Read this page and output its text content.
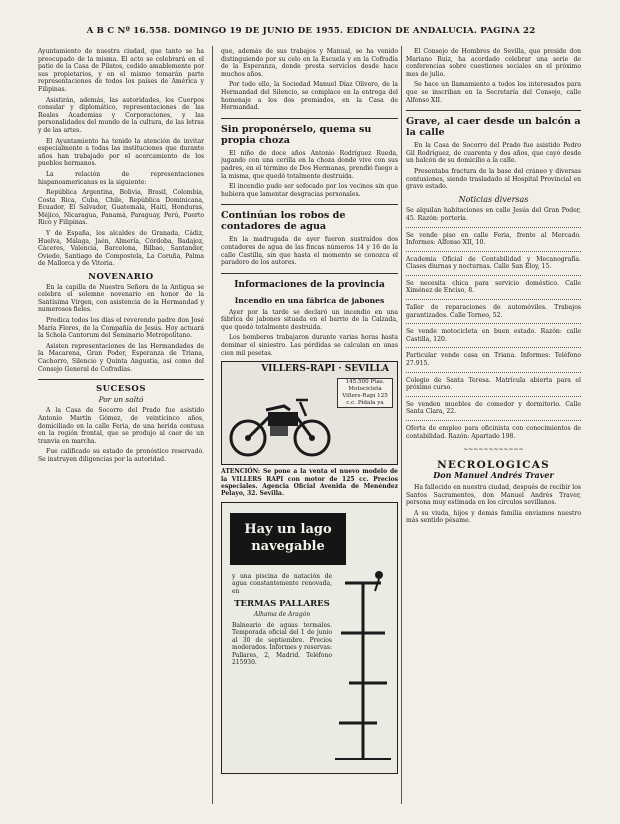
A B C Nº 16.558. DOMINGO 19 DE JUNIO DE 1955. EDICION DE ANDALUCIA. PAGINA 22

Ayuntamiento de nuestra ciudad, que tanto se ha preocupado de la misma. El acto se celebrará en el patio de la Casa de Pilatos, cedido amablemente por sus propietarios, y en el mismo tomarán parte representaciones de todos los países de América y Filipinas.

Asistirán, además, las autoridades, los Cuerpos consular y diplomático, representaciones de las Reales Academias y Corporaciones, y las personalidades del mundo de la cultura, de las letras y de las artes.

El Ayuntamiento ha tenido la atención de invitar especialmente a todas las instituciones que durante años han trabajado por el acercamiento de los pueblos hermanos.

La relación de representaciones hispanoamericanas es la siguiente:

República Argentina, Bolivia, Brasil, Colombia, Costa Rica, Cuba, Chile, República Dominicana, Ecuador, El Salvador, Guatemala, Haití, Honduras, Méjico, Nicaragua, Panamá, Paraguay, Perú, Puerto Rico y Filipinas.

Y de España, los alcaldes de Granada, Cádiz, Huelva, Málaga, Jaén, Almería, Córdoba, Badajoz, Cáceres, Valencia, Barcelona, Bilbao, Santander, Oviedo, Santiago de Compostela, La Coruña, Palma de Mallorca y de Vitoria.

NOVENARIO

En la capilla de Nuestra Señora de la Antigua se celebra el solemne novenario en honor de la Santísima Virgen, con asistencia de la Hermandad y numerosos fieles.

Predica todos los días el reverendo padre don José María Flores, de la Compañía de Jesús. Hoy actuará la Schola Cantorum del Seminario Metropolitano.

Asisten representaciones de las Hermandades de la Macarena, Gran Poder, Esperanza de Triana, Cachorro, Silencio y Quinta Angustia, así como del Consejo General de Cofradías.

SUCESOS
Por un saltó

A la Casa de Socorro del Prado fue asistido Antonio Martín Gómez, de veinticinco años, domiciliado en la calle Feria, de una herida contusa en la región frontal, que se produjo al caer de un tranvía en marcha.

Fue calificado su estado de pronóstico reservado. Se instruyen diligencias por la autoridad.

que, además de sus trabajos y Manual, se ha venido distinguiendo por su celo en la Escuela y en la Cofradía de la Esperanza, donde presta servicios desde hace muchos años.

Por todo ello, la Sociedad Manuel Díaz Olivero, de la Hermandad del Silencio, se complace en la entrega del homenaje a los dos premiados, en la Casa de Hermandad.

Sin proponérselo, quema su propia choza

El niño de doce años Antonio Rodríguez Rueda, jugando con una cerilla en la choza donde vive con sus padres, en el término de Dos Hermanas, prendió fuego a la misma, que quedó totalmente destruida.

El incendio pudo ser sofocado por los vecinos sin que hubiera que lamentar desgracias personales.

Continúan los robos de contadores de agua

En la madrugada de ayer fueron sustraídos dos contadores de agua de las fincas números 14 y 16 de la calle Castilla, sin que hasta el momento se conozca el paradero de los autores.

Informaciones de la provincia
Incendio en una fábrica de jabones

Ayer por la tarde se declaró un incendio en una fábrica de jabones situada en el barrio de la Calzada, que quedó totalmente destruida.

Los bomberos trabajaron durante varias horas hasta dominar el siniestro. Las pérdidas se calculan en unas cien mil pesetas.

VILLERS-RAPI · SEVILLA
145.500 Ptas. Motocicleta Villers-Rapi 125 c.c. Pídala ya
ATENCIÓN: Se pone a la venta el nuevo modelo de la VILLERS RAPI con motor de 125 cc. Precios especiales. Agencia Oficial Avenida de Menéndez Pelayo, 32. Sevilla.
Hay un lago navegable
y una piscina de natación de agua constantemente renovada, en
TERMAS PALLARES
Alhama de Aragón
Balneario de aguas termales. Temporada oficial del 1 de junio al 30 de septiembre. Precios moderados. Informes y reservas: Pallares, 2, Madrid. Teléfono 215930.

El Consejo de Hombres de Sevilla, que preside don Mariano Ruiz, ha acordado celebrar una serie de conferencias sobre cuestiones sociales en el próximo mes de julio.

Se hace un llamamiento a todos los interesados para que se inscriban en la Secretaría del Consejo, calle Alfonso XII.

Grave, al caer desde un balcón a la calle

En la Casa de Socorro del Prado fue asistido Pedro Gil Rodríguez, de cuarenta y dos años, que cayó desde un balcón de su domicilio a la calle.

Presentaba fractura de la base del cráneo y diversas contusiones, siendo trasladado al Hospital Provincial en grave estado.

Noticias diversas

Se alquilan habitaciones en calle Jesús del Gran Poder, 45. Razón: portería.

Se vende piso en calle Feria, frente al Mercado. Informes: Alfonso XII, 10.

Academia Oficial de Contabilidad y Mecanografía. Clases diurnas y nocturnas. Calle San Eloy, 15.

Se necesita chica para servicio doméstico. Calle Ximénez de Enciso, 8.

Taller de reparaciones de automóviles. Trabajos garantizados. Calle Torneo, 52.

Se vende motocicleta en buen estado. Razón: calle Castilla, 120.

Particular vende casa en Triana. Informes: Teléfono 27.915.

Colegio de Santa Teresa. Matrícula abierta para el próximo curso.

Se venden muebles de comedor y dormitorio. Calle Santa Clara, 22.

Oferta de empleo para oficinista con conocimientos de contabilidad. Razón: Apartado 198.

~~~~~~~~~~~~
NECROLOGICAS
Don Manuel Andrés Traver

Ha fallecido en nuestra ciudad, después de recibir los Santos Sacramentos, don Manuel Andrés Traver, persona muy estimada en los círculos sevillanos.

A su viuda, hijos y demás familia enviamos nuestro más sentido pésame.
